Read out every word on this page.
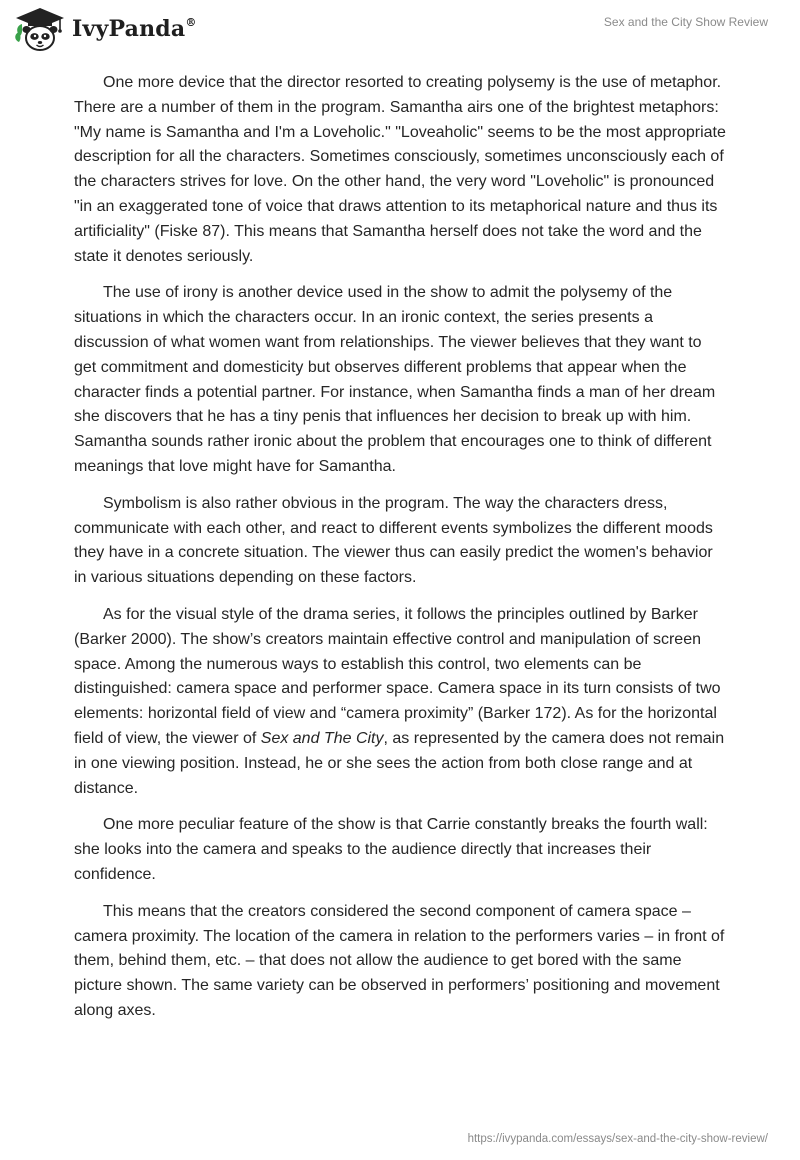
IvyPanda®	Sex and the City Show Review

One more device that the director resorted to creating polysemy is the use of metaphor. There are a number of them in the program. Samantha airs one of the brightest metaphors: "My name is Samantha and I'm a Loveholic." "Loveaholic" seems to be the most appropriate description for all the characters. Sometimes consciously, sometimes unconsciously each of the characters strives for love. On the other hand, the very word "Loveholic" is pronounced "in an exaggerated tone of voice that draws attention to its metaphorical nature and thus its artificiality" (Fiske 87). This means that Samantha herself does not take the word and the state it denotes seriously.

The use of irony is another device used in the show to admit the polysemy of the situations in which the characters occur. In an ironic context, the series presents a discussion of what women want from relationships. The viewer believes that they want to get commitment and domesticity but observes different problems that appear when the character finds a potential partner. For instance, when Samantha finds a man of her dream she discovers that he has a tiny penis that influences her decision to break up with him. Samantha sounds rather ironic about the problem that encourages one to think of different meanings that love might have for Samantha.

Symbolism is also rather obvious in the program. The way the characters dress, communicate with each other, and react to different events symbolizes the different moods they have in a concrete situation. The viewer thus can easily predict the women's behavior in various situations depending on these factors.

As for the visual style of the drama series, it follows the principles outlined by Barker (Barker 2000). The show’s creators maintain effective control and manipulation of screen space. Among the numerous ways to establish this control, two elements can be distinguished: camera space and performer space. Camera space in its turn consists of two elements: horizontal field of view and “camera proximity” (Barker 172). As for the horizontal field of view, the viewer of Sex and The City, as represented by the camera does not remain in one viewing position. Instead, he or she sees the action from both close range and at distance.

One more peculiar feature of the show is that Carrie constantly breaks the fourth wall: she looks into the camera and speaks to the audience directly that increases their confidence.

This means that the creators considered the second component of camera space – camera proximity. The location of the camera in relation to the performers varies – in front of them, behind them, etc. – that does not allow the audience to get bored with the same picture shown. The same variety can be observed in performers’ positioning and movement along axes.

https://ivypanda.com/essays/sex-and-the-city-show-review/
